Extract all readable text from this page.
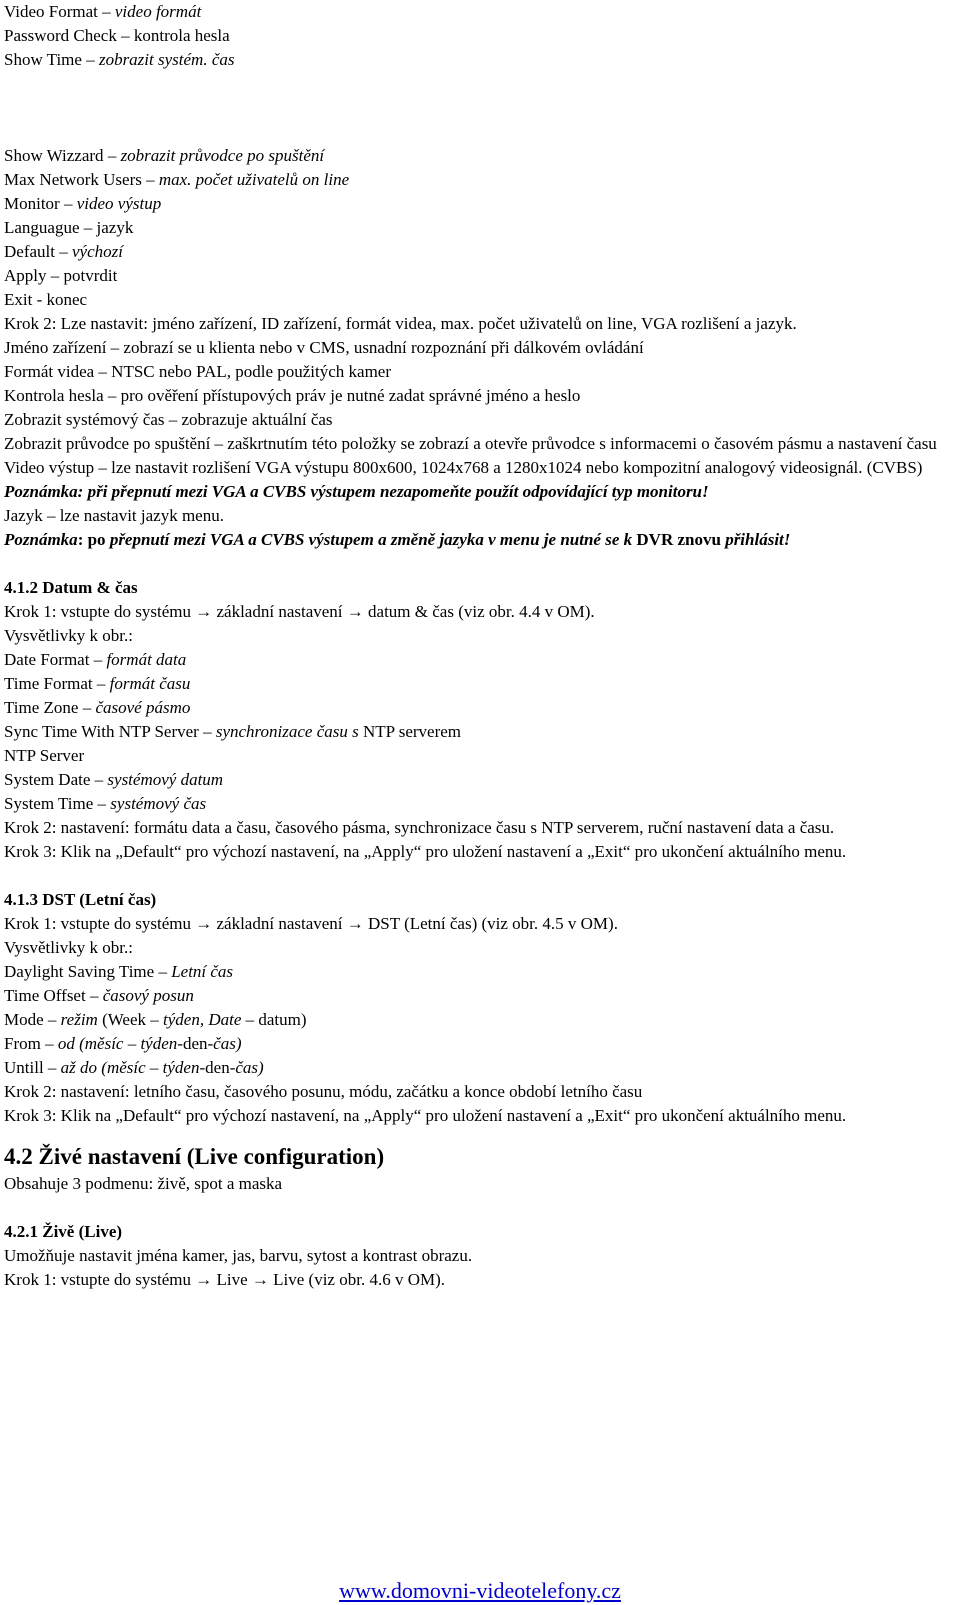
Video Format – video formát

Password Check – kontrola hesla

Show Time – zobrazit systém. čas

Show Wizzard – zobrazit průvodce po spuštění

Max Network Users – max. počet uživatelů on line

Monitor – video výstup

Languague – jazyk

Default – výchozí

Apply – potvrdit

Exit - konec

Krok 2: Lze nastavit: jméno zařízení, ID zařízení, formát videa, max. počet uživatelů on line, VGA rozlišení a jazyk.

Jméno zařízení – zobrazí se u klienta nebo v CMS, usnadní rozpoznání při dálkovém ovládání

Formát videa – NTSC nebo PAL, podle použitých kamer

Kontrola hesla – pro ověření přístupových práv je nutné zadat správné jméno a heslo

Zobrazit systémový čas – zobrazuje aktuální čas

Zobrazit průvodce po spuštění – zaškrtnutím této položky se zobrazí a otevře průvodce s informacemi o časovém pásmu a nastavení času

Video výstup – lze nastavit rozlišení VGA výstupu 800x600, 1024x768 a 1280x1024 nebo kompozitní analogový videosignál. (CVBS) Poznámka: při přepnutí mezi VGA a CVBS výstupem nezapomeňte použít odpovídající typ monitoru!

Jazyk – lze nastavit jazyk menu.

Poznámka: po přepnutí mezi VGA a CVBS výstupem a změně jazyka v menu je nutné se k DVR znovu přihlásit!

4.1.2 Datum & čas

Krok 1: vstupte do systému → základní nastavení → datum & čas (viz obr. 4.4 v OM).

Vysvětlivky k obr.:

Date Format – formát data

Time Format – formát času

Time Zone – časové pásmo

Sync Time With NTP Server – synchronizace času s NTP serverem

NTP Server

System Date – systémový datum

System Time – systémový čas

Krok 2: nastavení: formátu data a času, časového pásma, synchronizace času s NTP serverem, ruční nastavení data a času.

Krok 3: Klik na „Default“ pro výchozí nastavení, na „Apply“ pro uložení nastavení a „Exit“ pro ukončení aktuálního menu.

4.1.3 DST (Letní čas)

Krok 1: vstupte do systému → základní nastavení → DST (Letní čas) (viz obr. 4.5 v OM).

Vysvětlivky k obr.:

Daylight Saving Time – Letní čas

Time Offset – časový posun

Mode – režim (Week – týden, Date – datum)

From – od (měsíc – týden-den-čas)

Untill – až do (měsíc – týden-den-čas)

Krok 2: nastavení: letního času, časového posunu, módu, začátku a konce období letního času

Krok 3: Klik na „Default“ pro výchozí nastavení, na „Apply“ pro uložení nastavení a „Exit“ pro ukončení aktuálního menu.

4.2 Živé nastavení (Live configuration)

Obsahuje 3 podmenu: živě, spot a maska

4.2.1 Živě (Live)

Umožňuje nastavit jména kamer, jas, barvu, sytost a kontrast obrazu.

Krok 1: vstupte do systému → Live → Live (viz obr. 4.6 v OM).

www.domovni-videotelefony.cz
